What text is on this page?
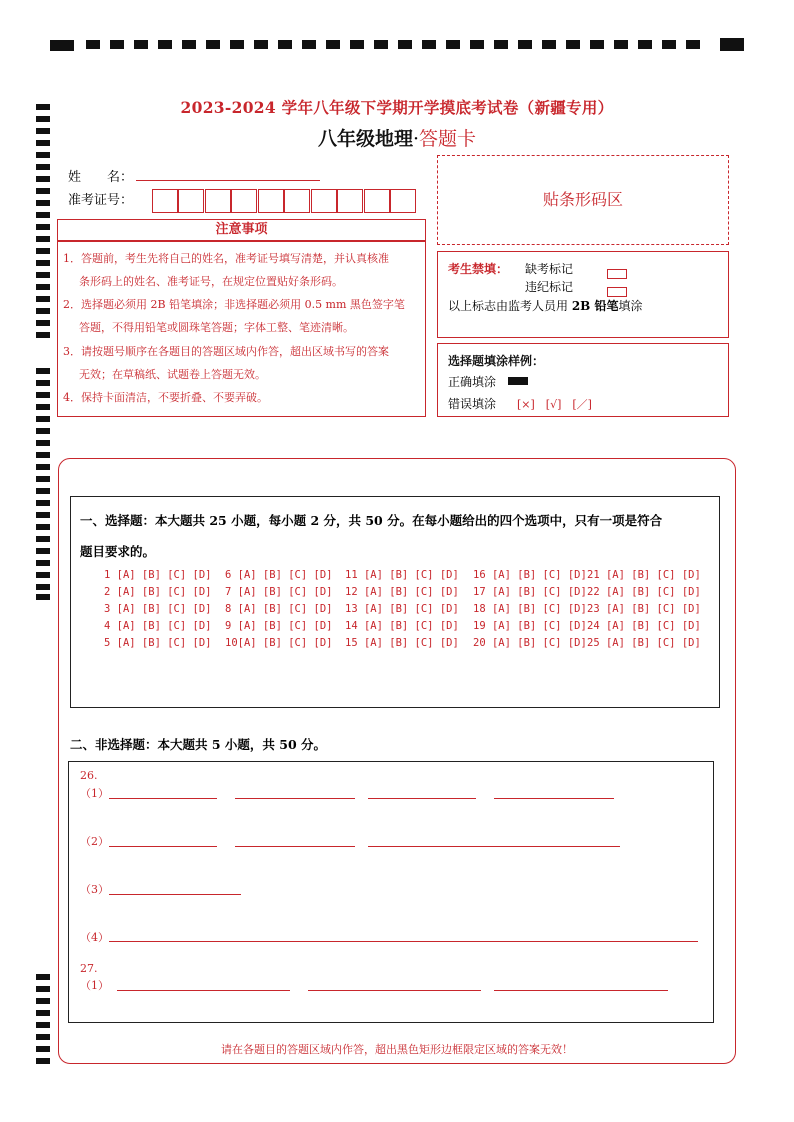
2023-2024 学年八年级下学期开学摸底考试卷（新疆专用）
八年级地理·答题卡
姓　　名：
准考证号：	贴条形码区
注意事项
1．答题前，考生先将自己的姓名，准考证号填写清楚，并认真核准
条形码上的姓名、准考证号，在规定位置贴好条形码。
2．选择题必须用 2B 铅笔填涂；非选择题必须用 0.5 mm 黑色签字笔
答题，不得用铅笔或圆珠笔答题；字体工整、笔迹清晰。
3．请按题号顺序在各题目的答题区域内作答，超出区域书写的答案
无效；在草稿纸、试题卷上答题无效。
4．保持卡面清洁，不要折叠、不要弄破。
考生禁填： 缺考标记
违纪标记
以上标志由监考人员用 2B 铅笔填涂
选择题填涂样例：
正确填涂
错误填涂 [×]　[√]　[／]
一、选择题：本大题共 25 小题，每小题 2 分，共 50 分。在每小题给出的四个选项中，只有一项是符合
题目要求的。
1 [A] [B] [C] [D]
2 [A] [B] [C] [D]
3 [A] [B] [C] [D]
4 [A] [B] [C] [D]
5 [A] [B] [C] [D]
6 [A] [B] [C] [D]
7 [A] [B] [C] [D]
8 [A] [B] [C] [D]
9 [A] [B] [C] [D]
10[A] [B] [C] [D]
11 [A] [B] [C] [D]
12 [A] [B] [C] [D]
13 [A] [B] [C] [D]
14 [A] [B] [C] [D]
15 [A] [B] [C] [D]
16 [A] [B] [C] [D]
17 [A] [B] [C] [D]
18 [A] [B] [C] [D]
19 [A] [B] [C] [D]
20 [A] [B] [C] [D]
21 [A] [B] [C] [D]
22 [A] [B] [C] [D]
23 [A] [B] [C] [D]
24 [A] [B] [C] [D]
25 [A] [B] [C] [D]
二、非选择题：本大题共 5 小题，共 50 分。
26.
（1）
（2）
（3）
（4）
27.
（1）
请在各题目的答题区域内作答，超出黑色矩形边框限定区域的答案无效！
